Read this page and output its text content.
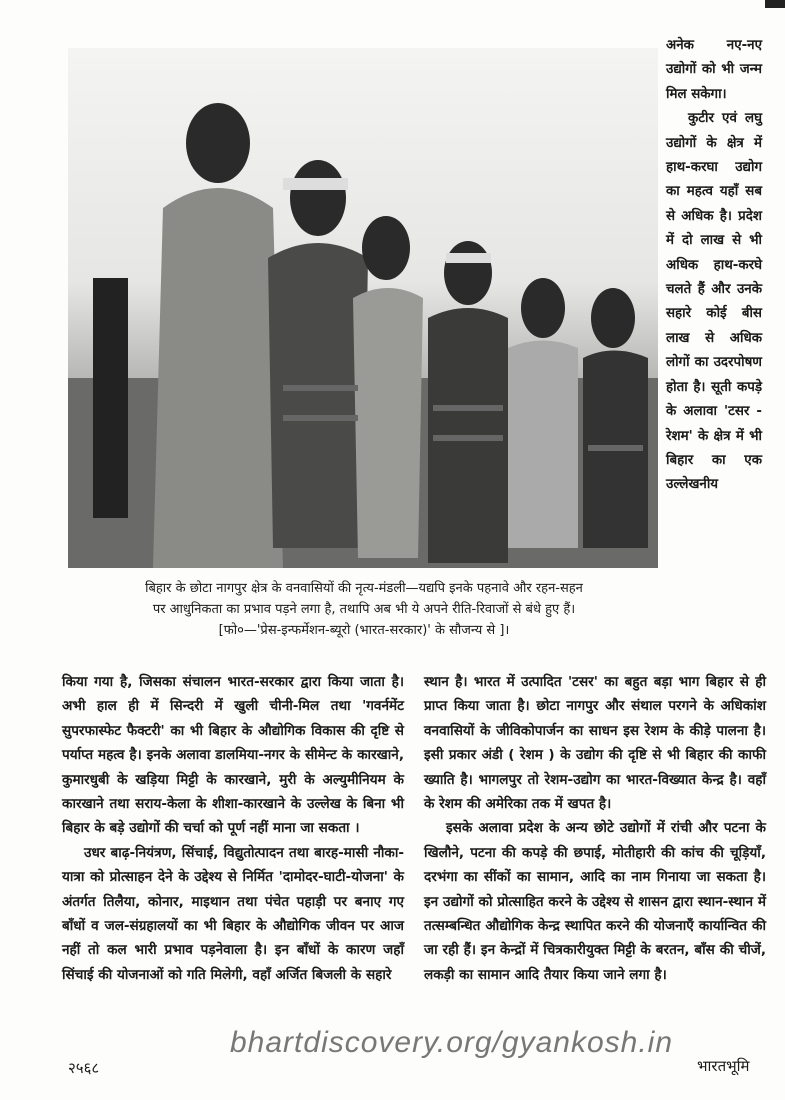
अनेक नए-नए उद्योगों को भी जन्म मिल सकेगा।

कुटीर एवं लघु उद्योगों के क्षेत्र में हाथ-करघा उद्योग का महत्व यहाँ सब से अधिक है। प्रदेश में दो लाख से भी अधिक हाथ-करघे चलते हैं और उनके सहारे कोई बीस लाख से अधिक लोगों का उदरपोषण होता है। सूती कपड़े के अलावा 'टसर - रेशम' के क्षेत्र में भी बिहार का एक उल्लेखनीय

बिहार के छोटा नागपुर क्षेत्र के वनवासियों की नृत्य-मंडली—यद्यपि इनके पहनावे और रहन-सहन
पर आधुनिकता का प्रभाव पड़ने लगा है, तथापि अब भी ये अपने रीति-रिवाजों से बंधे हुए हैं।
[फो०—'प्रेस-इन्फर्मेशन-ब्यूरो (भारत-सरकार)' के सौजन्य से ]।

किया गया है, जिसका संचालन भारत-सरकार द्वारा किया जाता है। अभी हाल ही में सिन्दरी में खुली चीनी-मिल तथा 'गवर्नमेंट सुपरफास्फेट फैक्टरी' का भी बिहार के औद्योगिक विकास की दृष्टि से पर्याप्त महत्व है। इनके अलावा डालमिया-नगर के सीमेन्ट के कारखाने, कुमारधुबी के खड़िया मिट्टी के कारखाने, मुरी के अल्युमीनियम के कारखाने तथा सराय-केला के शीशा-कारखाने के उल्लेख के बिना भी बिहार के बड़े उद्योगों की चर्चा को पूर्ण नहीं माना जा सकता ।

उधर बाढ़-नियंत्रण, सिंचाई, विद्युतोत्पादन तथा बारह-मासी नौका-यात्रा को प्रोत्साहन देने के उद्देश्य से निर्मित 'दामोदर-घाटी-योजना' के अंतर्गत तिलैया, कोनार, माइथान तथा पंचेत पहाड़ी पर बनाए गए बाँधों व जल-संग्रहालयों का भी बिहार के औद्योगिक जीवन पर आज नहीं तो कल भारी प्रभाव पड़नेवाला है। इन बाँधों के कारण जहाँ सिंचाई की योजनाओं को गति मिलेगी, वहाँ अर्जित बिजली के सहारे

स्थान है। भारत में उत्पादित 'टसर' का बहुत बड़ा भाग बिहार से ही प्राप्त किया जाता है। छोटा नागपुर और संथाल परगने के अधिकांश वनवासियों के जीविकोपार्जन का साधन इस रेशम के कीड़े पालना है। इसी प्रकार अंडी ( रेशम ) के उद्योग की दृष्टि से भी बिहार की काफी ख्याति है। भागलपुर तो रेशम-उद्योग का भारत-विख्यात केन्द्र है। वहाँ के रेशम की अमेरिका तक में खपत है।

इसके अलावा प्रदेश के अन्य छोटे उद्योगों में रांची और पटना के खिलौने, पटना की कपड़े की छपाई, मोतीहारी की कांच की चूड़ियाँ, दरभंगा का सींकों का सामान, आदि का नाम गिनाया जा सकता है। इन उद्योगों को प्रोत्साहित करने के उद्देश्य से शासन द्वारा स्थान-स्थान में तत्सम्बन्धित औद्योगिक केन्द्र स्थापित करने की योजनाएँ कार्यान्वित की जा रही हैं। इन केन्द्रों में चित्रकारीयुक्त मिट्टी के बरतन, बाँस की चीजें, लकड़ी का सामान आदि तैयार किया जाने लगा है।

bhartdiscovery.org/gyankosh.in
२५६८	भारतभूमि
